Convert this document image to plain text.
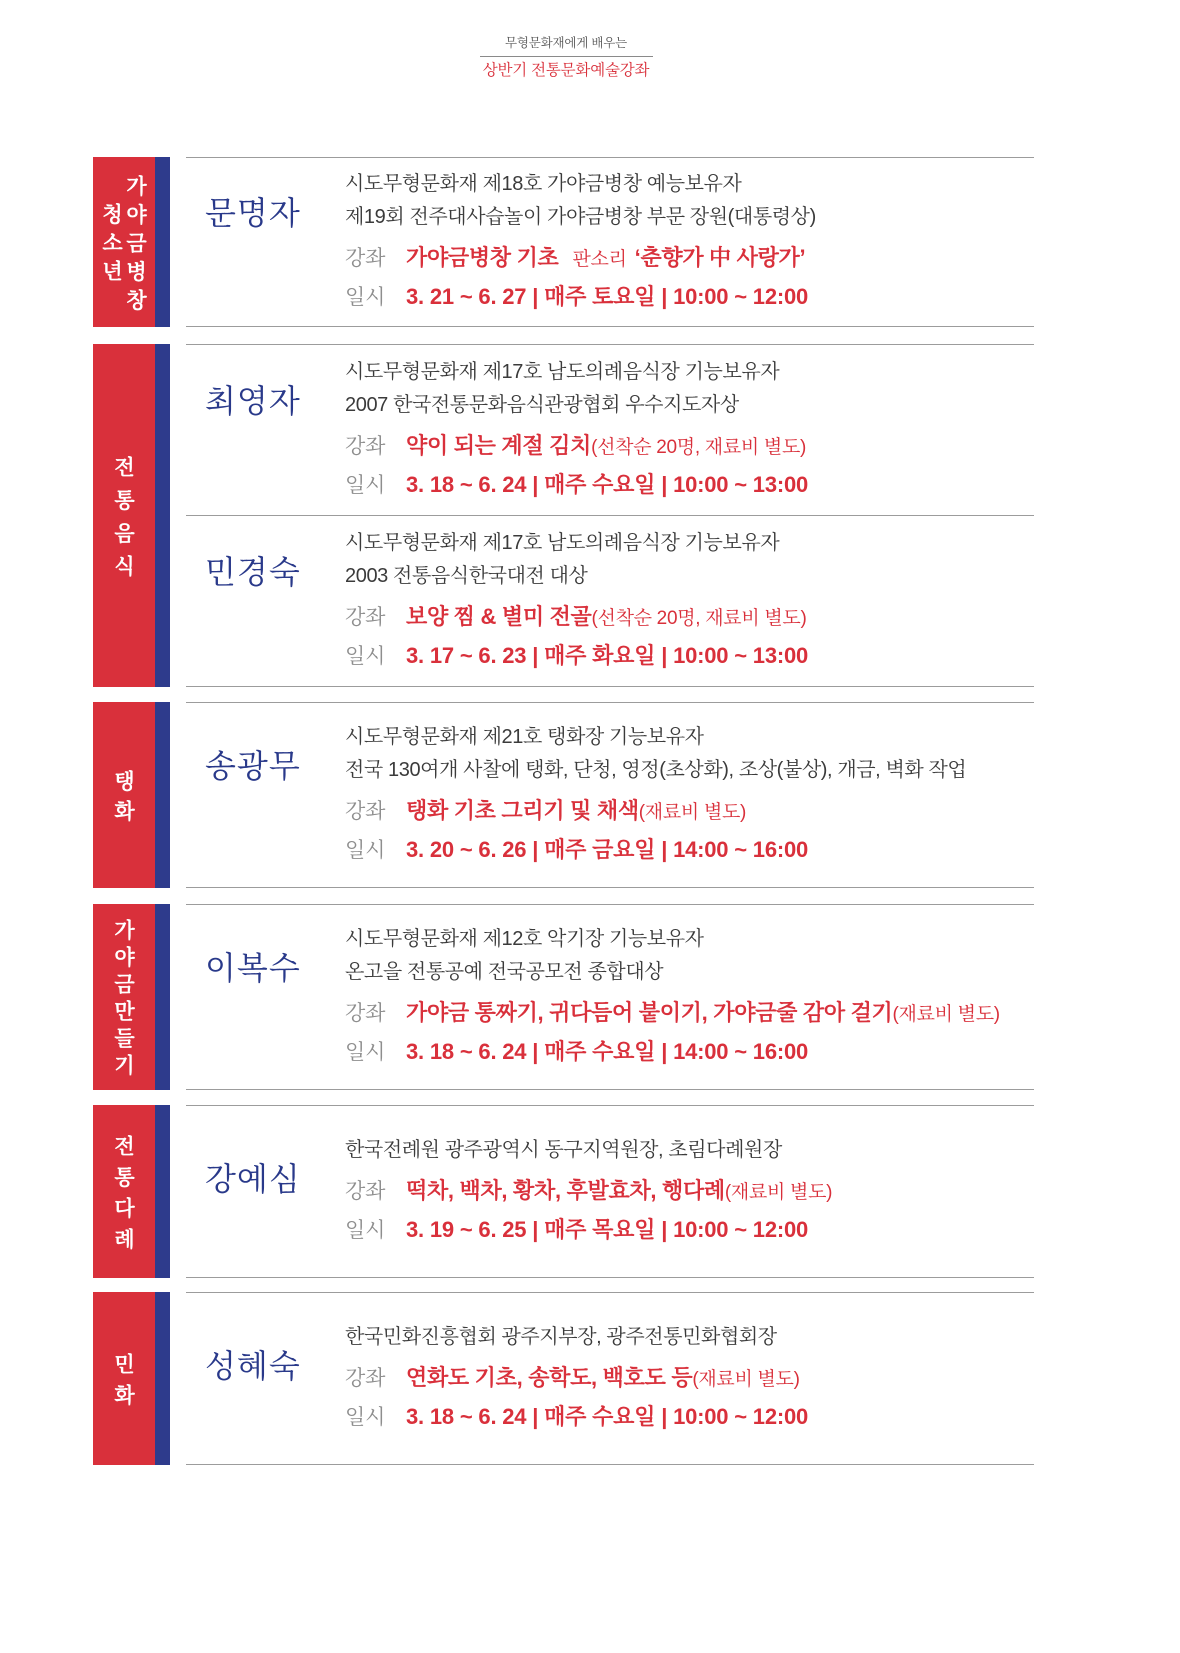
무형문화재에게 배우는
상반기 전통문화예술강좌
가야금병창
청소년	문명자
시도무형문화재 제18호 가야금병창 예능보유자
제19회 전주대사습놀이 가야금병창 부문 장원(대통령상)
강좌 가야금병창 기초 판소리 ‘춘향가 中 사랑가’
일시 3. 21 ~ 6. 27 | 매주 토요일 | 10:00 ~ 12:00
전통음식
최영자
시도무형문화재 제17호 남도의례음식장 기능보유자
2007 한국전통문화음식관광협회 우수지도자상
강좌 약이 되는 계절 김치(선착순 20명, 재료비 별도)
일시 3. 18 ~ 6. 24 | 매주 수요일 | 10:00 ~ 13:00
민경숙
시도무형문화재 제17호 남도의례음식장 기능보유자
2003 전통음식한국대전 대상
강좌 보양 찜 & 별미 전골(선착순 20명, 재료비 별도)
일시 3. 17 ~ 6. 23 | 매주 화요일 | 10:00 ~ 13:00
탱화
송광무
시도무형문화재 제21호 탱화장 기능보유자
전국 130여개 사찰에 탱화, 단청, 영정(초상화), 조상(불상), 개금, 벽화 작업
강좌 탱화 기초 그리기 및 채색(재료비 별도)
일시 3. 20 ~ 6. 26 | 매주 금요일 | 14:00 ~ 16:00
가야금만들기 이복수
시도무형문화재 제12호 악기장 기능보유자
온고을 전통공예 전국공모전 종합대상
강좌 가야금 통짜기, 귀다듬어 붙이기, 가야금줄 감아 걸기(재료비 별도)
일시 3. 18 ~ 6. 24 | 매주 수요일 | 14:00 ~ 16:00
전통다례 강예심
한국전례원 광주광역시 동구지역원장, 초림다례원장
강좌 떡차, 백차, 황차, 후발효차, 행다례(재료비 별도)
일시 3. 19 ~ 6. 25 | 매주 목요일 | 10:00 ~ 12:00
민화 성혜숙
한국민화진흥협회 광주지부장, 광주전통민화협회장
강좌 연화도 기초, 송학도, 백호도 등(재료비 별도)
일시 3. 18 ~ 6. 24 | 매주 수요일 | 10:00 ~ 12:00
